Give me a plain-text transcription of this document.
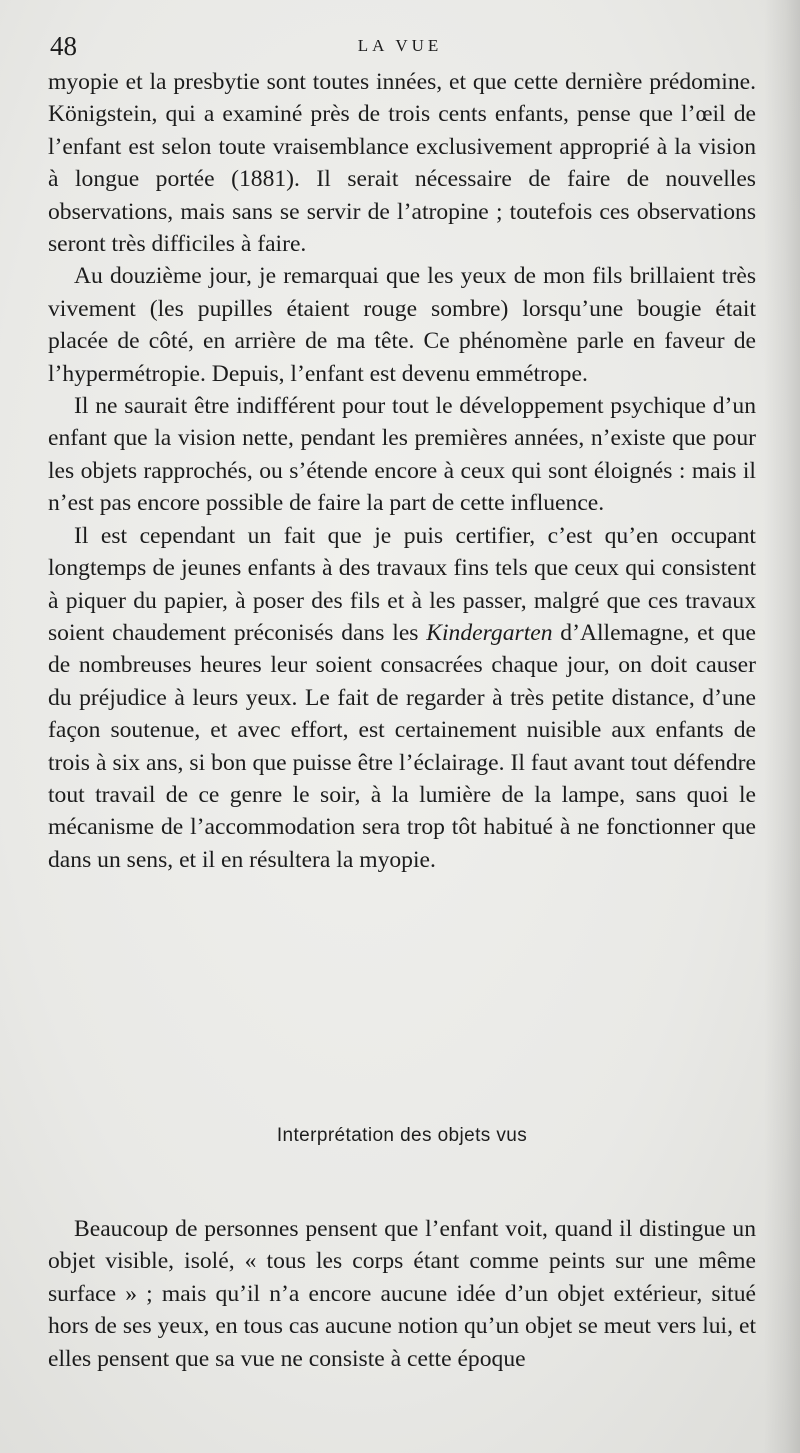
48	LA VUE

myopie et la presbytie sont toutes innées, et que cette dernière prédomine. Königstein, qui a examiné près de trois cents enfants, pense que l’œil de l’enfant est selon toute vraisemblance exclusivement approprié à la vision à longue portée (1881). Il serait nécessaire de faire de nouvelles observations, mais sans se servir de l’atropine ; toutefois ces observations seront très difficiles à faire.

Au douzième jour, je remarquai que les yeux de mon fils brillaient très vivement (les pupilles étaient rouge sombre) lorsqu’une bougie était placée de côté, en arrière de ma tête. Ce phénomène parle en faveur de l’hypermétropie. Depuis, l’enfant est devenu emmétrope.

Il ne saurait être indifférent pour tout le développement psychique d’un enfant que la vision nette, pendant les premières années, n’existe que pour les objets rapprochés, ou s’étende encore à ceux qui sont éloignés : mais il n’est pas encore possible de faire la part de cette influence.

Il est cependant un fait que je puis certifier, c’est qu’en occupant longtemps de jeunes enfants à des travaux fins tels que ceux qui consistent à piquer du papier, à poser des fils et à les passer, malgré que ces travaux soient chaudement préconisés dans les Kindergarten d’Allemagne, et que de nombreuses heures leur soient consacrées chaque jour, on doit causer du préjudice à leurs yeux. Le fait de regarder à très petite distance, d’une façon soutenue, et avec effort, est certainement nuisible aux enfants de trois à six ans, si bon que puisse être l’éclairage. Il faut avant tout défendre tout travail de ce genre le soir, à la lumière de la lampe, sans quoi le mécanisme de l’accommodation sera trop tôt habitué à ne fonctionner que dans un sens, et il en résultera la myopie.

Interprétation des objets vus

Beaucoup de personnes pensent que l’enfant voit, quand il distingue un objet visible, isolé, « tous les corps étant comme peints sur une même surface » ; mais qu’il n’a encore aucune idée d’un objet extérieur, situé hors de ses yeux, en tous cas aucune notion qu’un objet se meut vers lui, et elles pensent que sa vue ne consiste à cette époque
